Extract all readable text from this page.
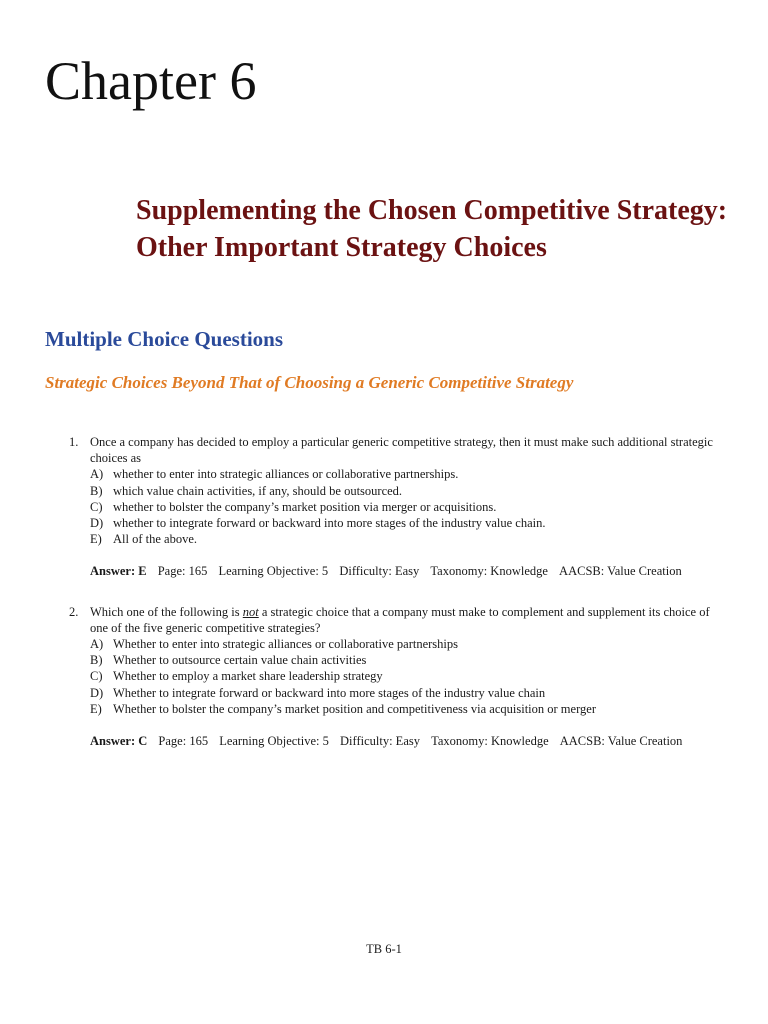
Chapter 6
Supplementing the Chosen Competitive Strategy: Other Important Strategy Choices
Multiple Choice Questions
Strategic Choices Beyond That of Choosing a Generic Competitive Strategy
1. Once a company has decided to employ a particular generic competitive strategy, then it must make such additional strategic choices as
A) whether to enter into strategic alliances or collaborative partnerships.
B) which value chain activities, if any, should be outsourced.
C) whether to bolster the company’s market position via merger or acquisitions.
D) whether to integrate forward or backward into more stages of the industry value chain.
E) All of the above.
Answer: E Page: 165 Learning Objective: 5 Difficulty: Easy Taxonomy: Knowledge AACSB: Value Creation
2. Which one of the following is not a strategic choice that a company must make to complement and supplement its choice of one of the five generic competitive strategies?
A) Whether to enter into strategic alliances or collaborative partnerships
B) Whether to outsource certain value chain activities
C) Whether to employ a market share leadership strategy
D) Whether to integrate forward or backward into more stages of the industry value chain
E) Whether to bolster the company’s market position and competitiveness via acquisition or merger
Answer: C Page: 165 Learning Objective: 5 Difficulty: Easy Taxonomy: Knowledge AACSB: Value Creation
TB 6-1
